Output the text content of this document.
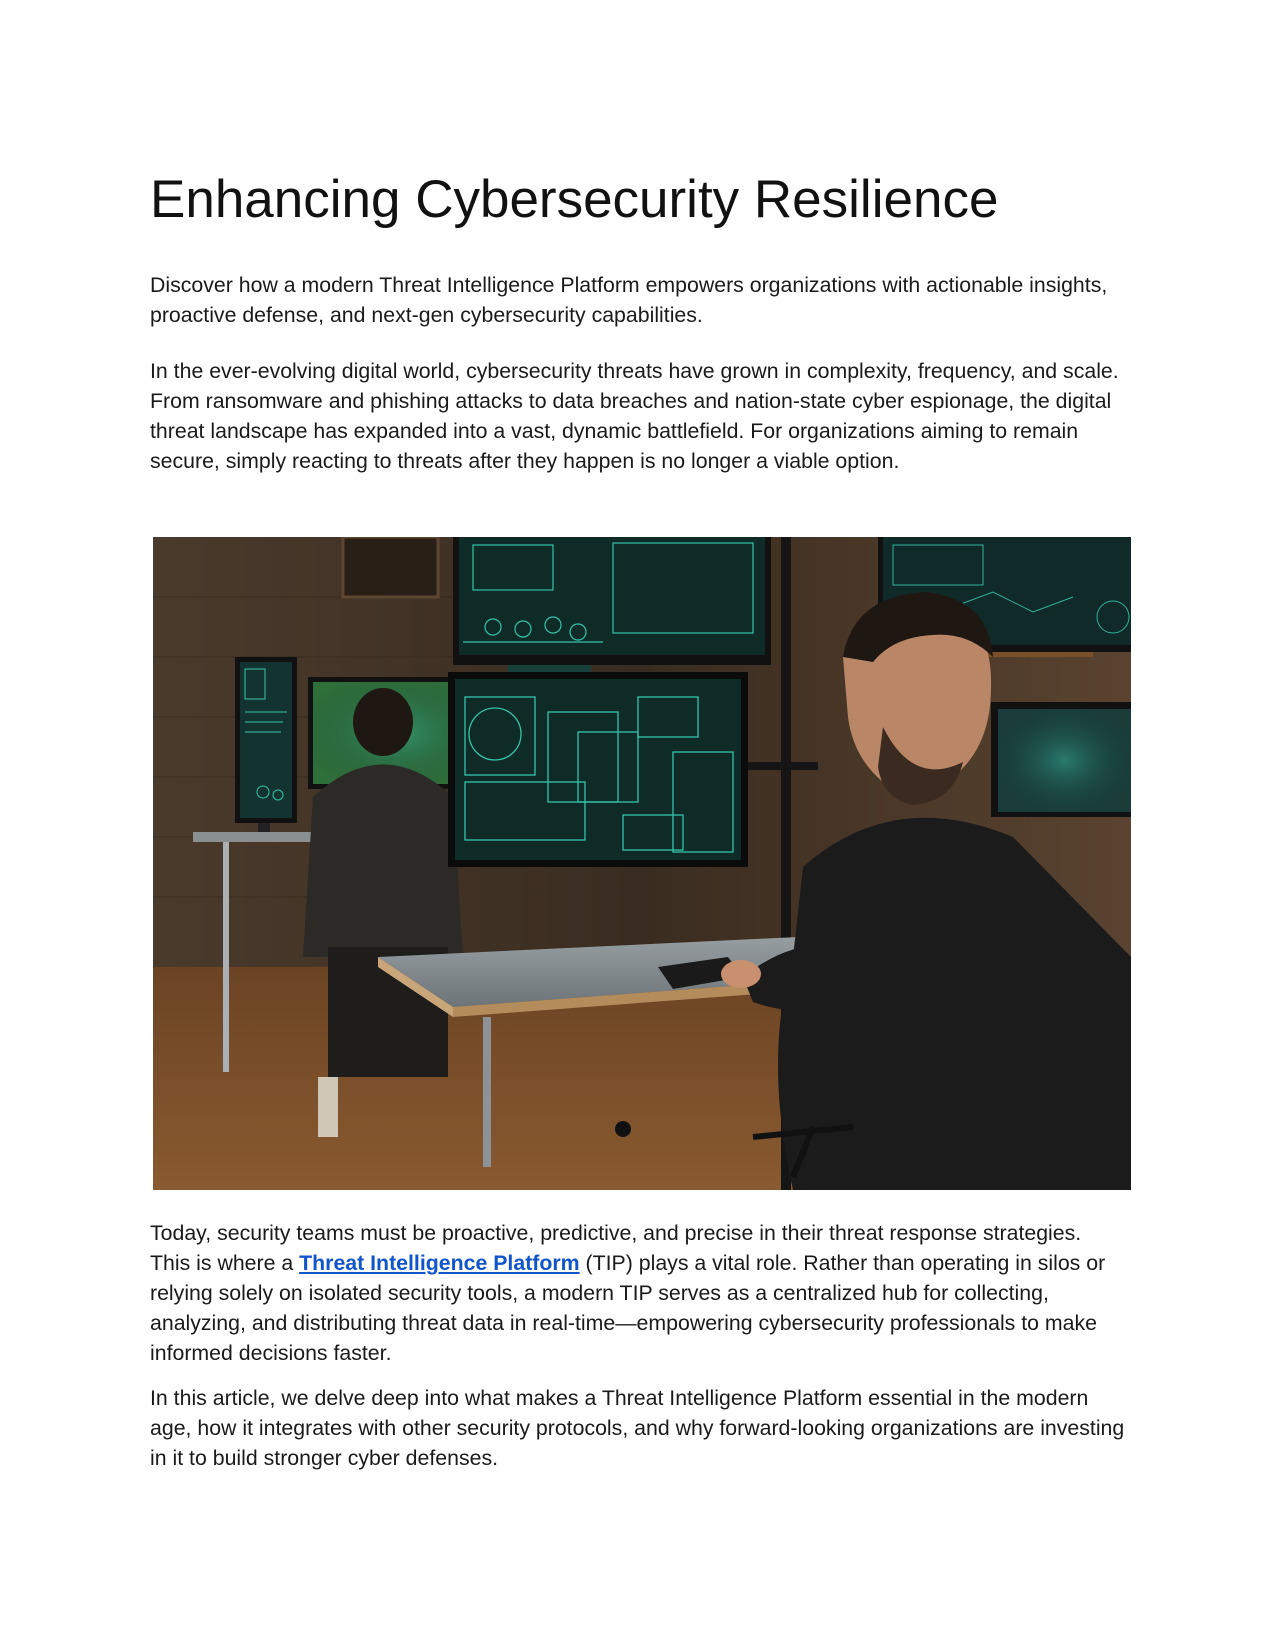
Enhancing Cybersecurity Resilience

Discover how a modern Threat Intelligence Platform empowers organizations with actionable insights, proactive defense, and next-gen cybersecurity capabilities.

In the ever-evolving digital world, cybersecurity threats have grown in complexity, frequency, and scale. From ransomware and phishing attacks to data breaches and nation-state cyber espionage, the digital threat landscape has expanded into a vast, dynamic battlefield. For organizations aiming to remain secure, simply reacting to threats after they happen is no longer a viable option.

Today, security teams must be proactive, predictive, and precise in their threat response strategies. This is where a Threat Intelligence Platform (TIP) plays a vital role. Rather than operating in silos or relying solely on isolated security tools, a modern TIP serves as a centralized hub for collecting, analyzing, and distributing threat data in real-time—empowering cybersecurity professionals to make informed decisions faster.

In this article, we delve deep into what makes a Threat Intelligence Platform essential in the modern age, how it integrates with other security protocols, and why forward-looking organizations are investing in it to build stronger cyber defenses.
